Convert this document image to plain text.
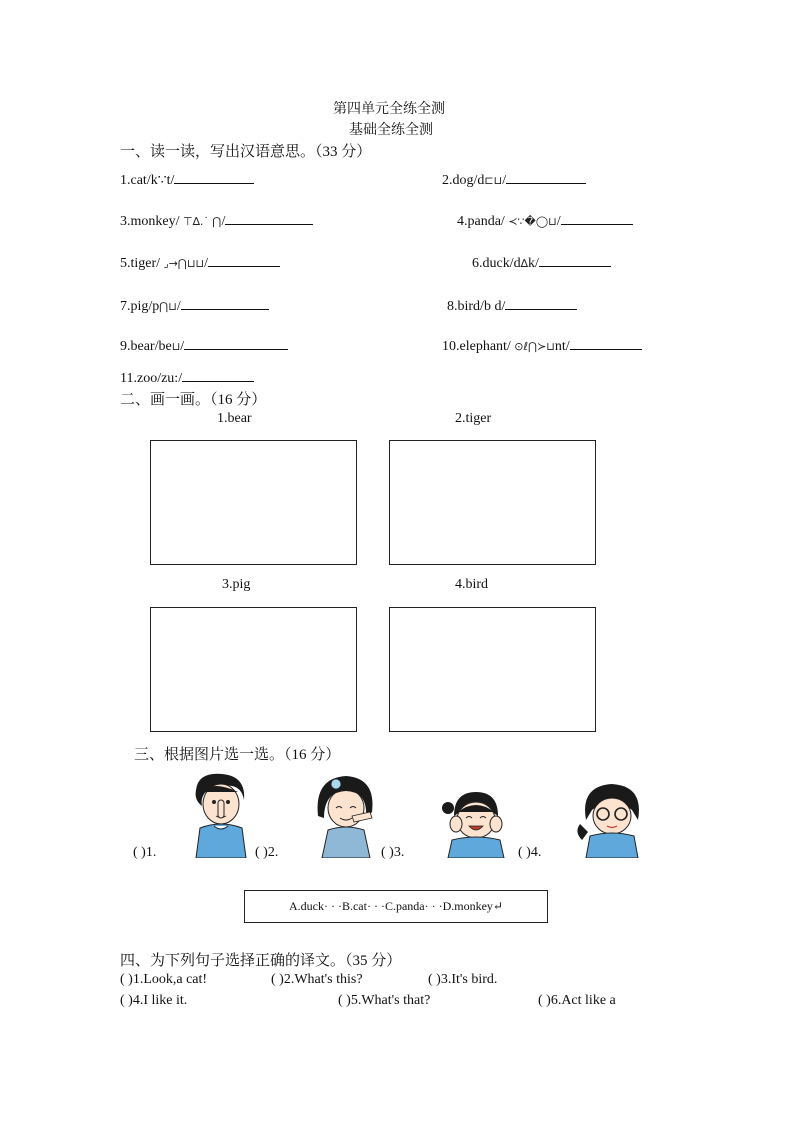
第四单元全练全测
基础全练全测
一、读一读，写出汉语意思。（33 分）
1.cat/k∵t/	2.dog/d⊏⊔/
3.monkey/ ⊤∆.˙ ⋂/	4.panda/ ≺∵�◯⊔/
5.tiger/ ⌟→⋂⊔⊔/	6.duck/d∆k/
7.pig/p⋂⊔/	8.bird/b d/
9.bear/be⊔/	10.elephant/ ⊙ℓ⋂≻⊔nt/
11.zoo/zu:/
二、画一画。（16 分）
1.bear	2.tiger
3.pig	4.bird
三、根据图片选一选。（16 分）
( )1.	( )2.	( )3.	( )4.
A.duck· · ·B.cat· · ·C.panda· · ·D.monkey↵
四、为下列句子选择正确的译文。（35 分）
( )1.Look,a cat!	( )2.What's this?	( )3.It's bird.
( )4.I like it.	( )5.What's that?	( )6.Act like a
